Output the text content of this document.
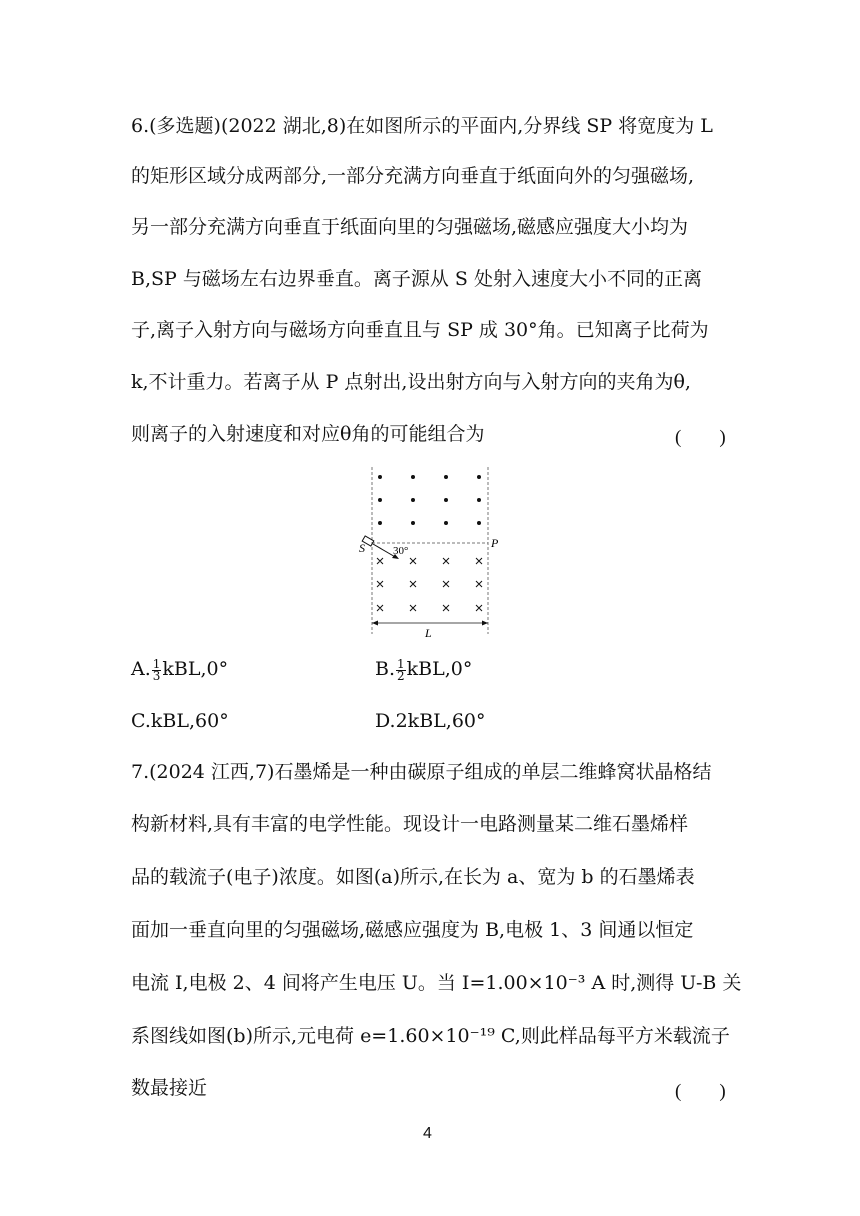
6.(多选题)(2022 湖北,8)在如图所示的平面内,分界线 SP 将宽度为 L
的矩形区域分成两部分,一部分充满方向垂直于纸面向外的匀强磁场,
另一部分充满方向垂直于纸面向里的匀强磁场,磁感应强度大小均为
B,SP 与磁场左右边界垂直。离子源从 S 处射入速度大小不同的正离
子,离子入射方向与磁场方向垂直且与 SP 成 30°角。已知离子比荷为
k,不计重力。若离子从 P 点射出,设出射方向与入射方向的夹角为θ,
则离子的入射速度和对应θ角的可能组合为	(　　)
S	P
30°
L
A. $\frac{1}{3} kBL,0^\circ$	B. $\frac{1}{2} kBL,0^\circ$
C.kBL,60°	D.2kBL,60°
7.(2024 江西,7)石墨烯是一种由碳原子组成的单层二维蜂窝状晶格结
构新材料,具有丰富的电学性能。现设计一电路测量某二维石墨烯样
品的载流子(电子)浓度。如图(a)所示,在长为 a、宽为 b 的石墨烯表
面加一垂直向里的匀强磁场,磁感应强度为 B,电极 1、3 间通以恒定
电流 I,电极 2、4 间将产生电压 U。当 I=1.00×10⁻³ A 时,测得 U-B 关
系图线如图(b)所示,元电荷 e=1.60×10⁻¹⁹ C,则此样品每平方米载流子
数最接近	(　　)
4
